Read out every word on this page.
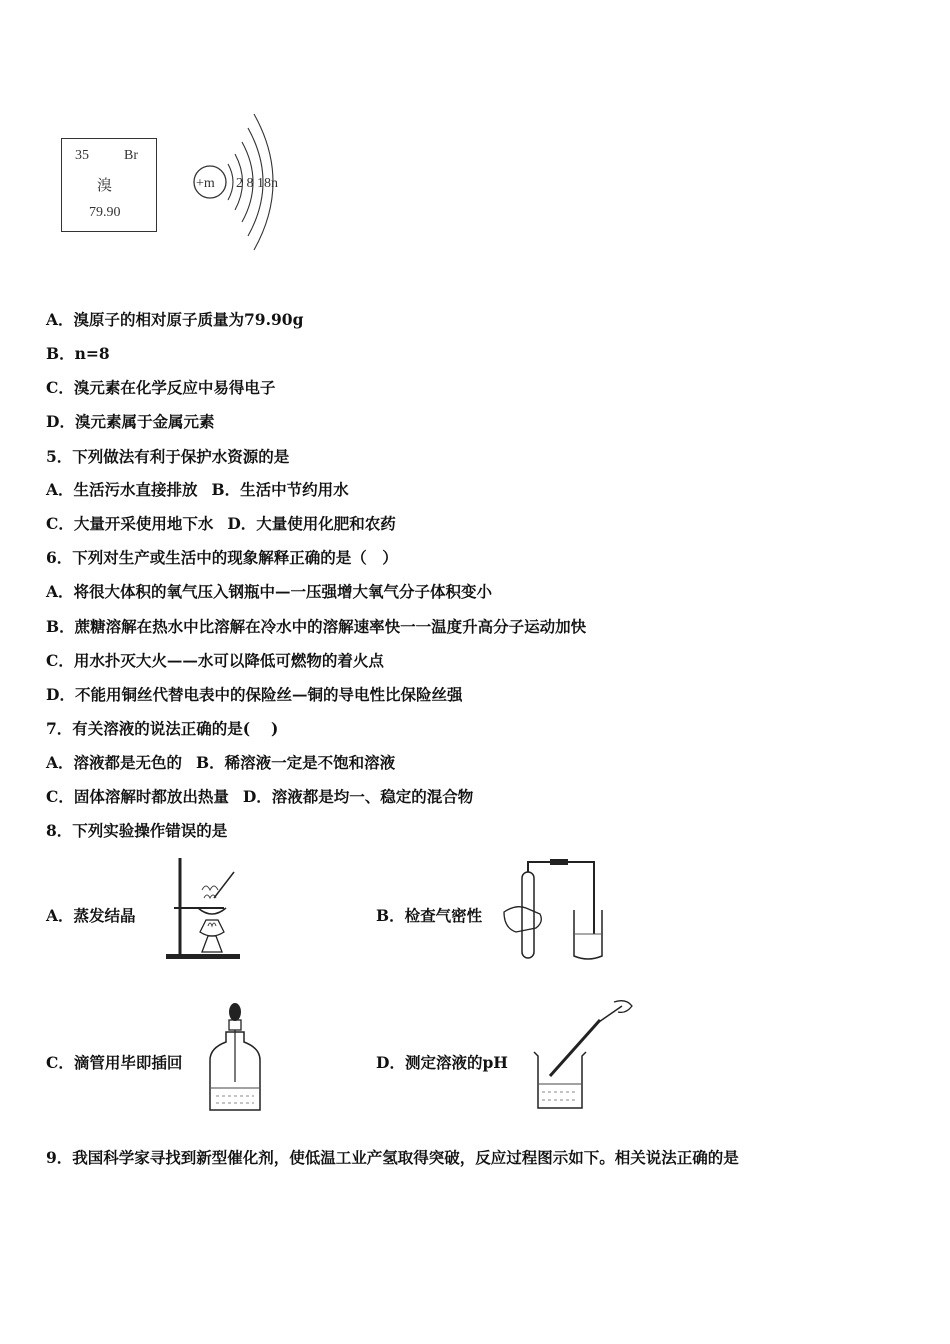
35	Br
溴
79.90
+m 2 8 18n
A．溴原子的相对原子质量为79.90g
B．n=8
C．溴元素在化学反应中易得电子
D．溴元素属于金属元素
5．下列做法有利于保护水资源的是
A．生活污水直接排放 B．生活中节约用水
C．大量开采使用地下水 D．大量使用化肥和农药
6．下列对生产或生活中的现象解释正确的是（　）
A．将很大体积的氧气压入钢瓶中—一压强增大氧气分子体积变小
B．蔗糖溶解在热水中比溶解在冷水中的溶解速率快一一温度升高分子运动加快
C．用水扑灭大火——水可以降低可燃物的着火点
D．不能用铜丝代替电表中的保险丝—铜的导电性比保险丝强
7．有关溶液的说法正确的是(　 )
A．溶液都是无色的 B．稀溶液一定是不饱和溶液
C．固体溶解时都放出热量 D．溶液都是均一、稳定的混合物
8．下列实验操作错误的是
A．蒸发结晶	B．检查气密性
C．滴管用毕即插回	D．测定溶液的pH
9．我国科学家寻找到新型催化剂，使低温工业产氢取得突破，反应过程图示如下。相关说法正确的是
